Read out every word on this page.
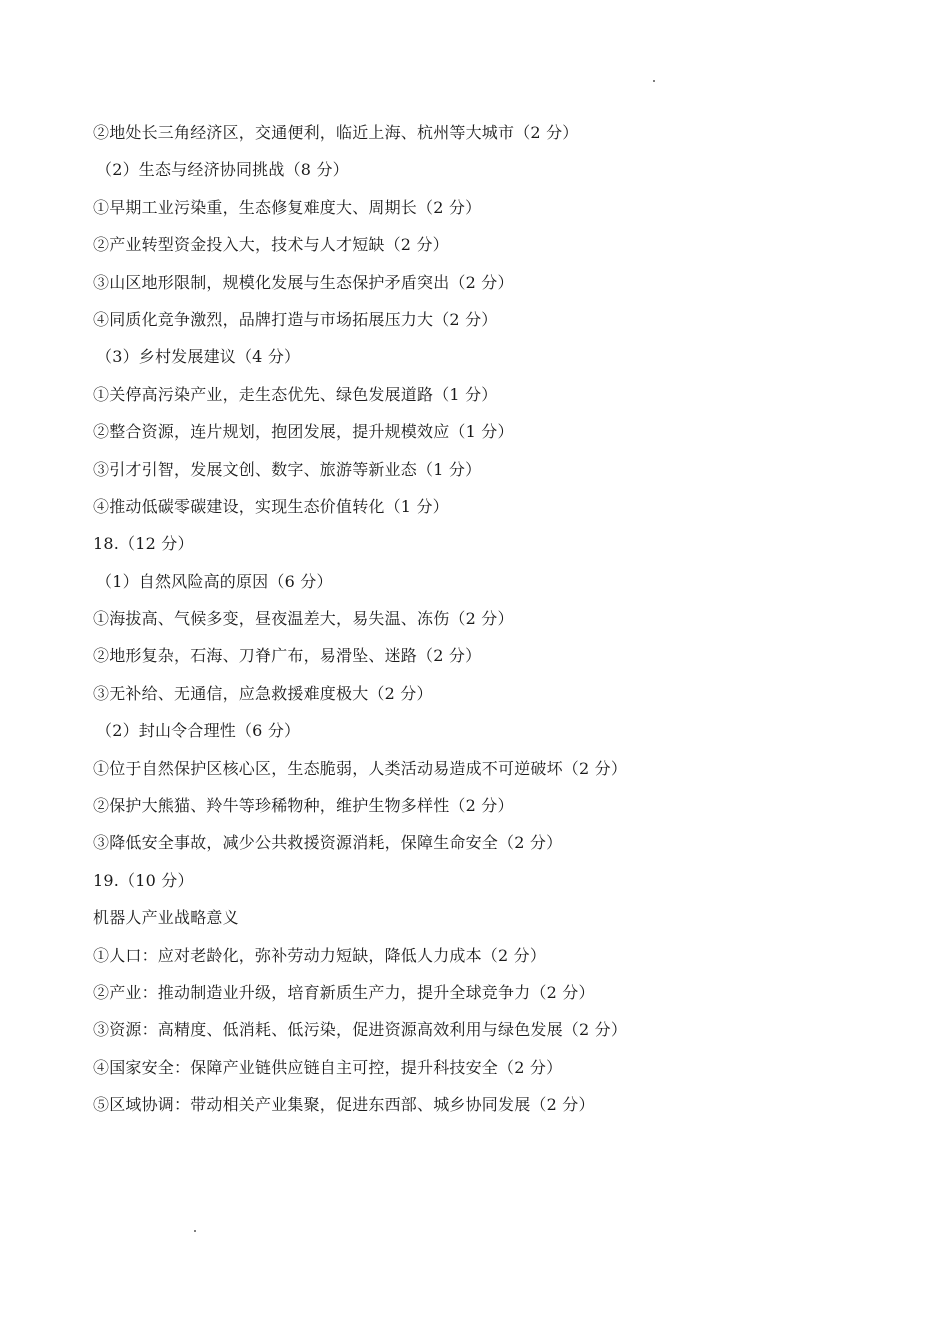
②地处长三角经济区，交通便利，临近上海、杭州等大城市（2 分）
（2）生态与经济协同挑战（8 分）
①早期工业污染重，生态修复难度大、周期长（2 分）
②产业转型资金投入大，技术与人才短缺（2 分）
③山区地形限制，规模化发展与生态保护矛盾突出（2 分）
④同质化竞争激烈，品牌打造与市场拓展压力大（2 分）
（3）乡村发展建议（4 分）
①关停高污染产业，走生态优先、绿色发展道路（1 分）
②整合资源，连片规划，抱团发展，提升规模效应（1 分）
③引才引智，发展文创、数字、旅游等新业态（1 分）
④推动低碳零碳建设，实现生态价值转化（1 分）
18.（12 分）
（1）自然风险高的原因（6 分）
①海拔高、气候多变，昼夜温差大，易失温、冻伤（2 分）
②地形复杂，石海、刀脊广布，易滑坠、迷路（2 分）
③无补给、无通信，应急救援难度极大（2 分）
（2）封山令合理性（6 分）
①位于自然保护区核心区，生态脆弱，人类活动易造成不可逆破坏（2 分）
②保护大熊猫、羚牛等珍稀物种，维护生物多样性（2 分）
③降低安全事故，减少公共救援资源消耗，保障生命安全（2 分）
19.（10 分）
机器人产业战略意义
①人口：应对老龄化，弥补劳动力短缺，降低人力成本（2 分）
②产业：推动制造业升级，培育新质生产力，提升全球竞争力（2 分）
③资源：高精度、低消耗、低污染，促进资源高效利用与绿色发展（2 分）
④国家安全：保障产业链供应链自主可控，提升科技安全（2 分）
⑤区域协调：带动相关产业集聚，促进东西部、城乡协同发展（2 分）
